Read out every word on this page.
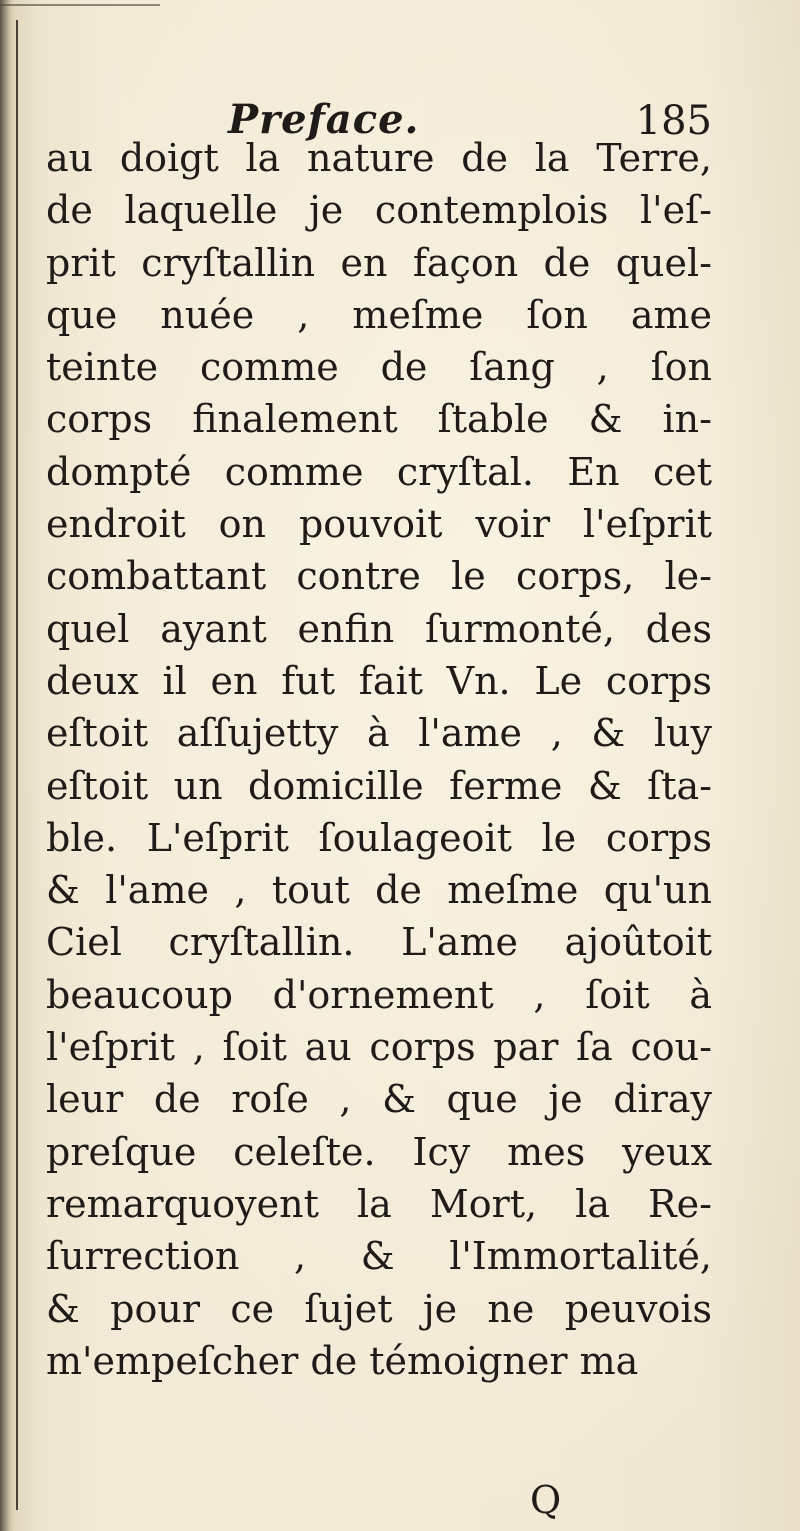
Preface.	185
au doigt la nature de la Terre,
de laquelle je contemplois l'eſ-
prit cryſtallin en façon de quel-
que nuée , meſme ſon ame
teinte comme de ſang , ſon
corps finalement ſtable & in-
dompté comme cryſtal. En cet
endroit on pouvoit voir l'eſprit
combattant contre le corps, le-
quel ayant enfin ſurmonté, des
deux il en fut fait Vn. Le corps
eſtoit aſſujetty à l'ame , & luy
eſtoit un domicille ferme & ſta-
ble. L'eſprit ſoulageoit le corps
& l'ame , tout de meſme qu'un
Ciel cryſtallin. L'ame ajoûtoit
beaucoup d'ornement , ſoit à
l'eſprit , ſoit au corps par ſa cou-
leur de roſe , & que je diray
preſque celeſte. Icy mes yeux
remarquoyent la Mort, la Re-
ſurrection , & l'Immortalité,
& pour ce ſujet je ne peuvois
m'empeſcher de témoigner ma
Q
